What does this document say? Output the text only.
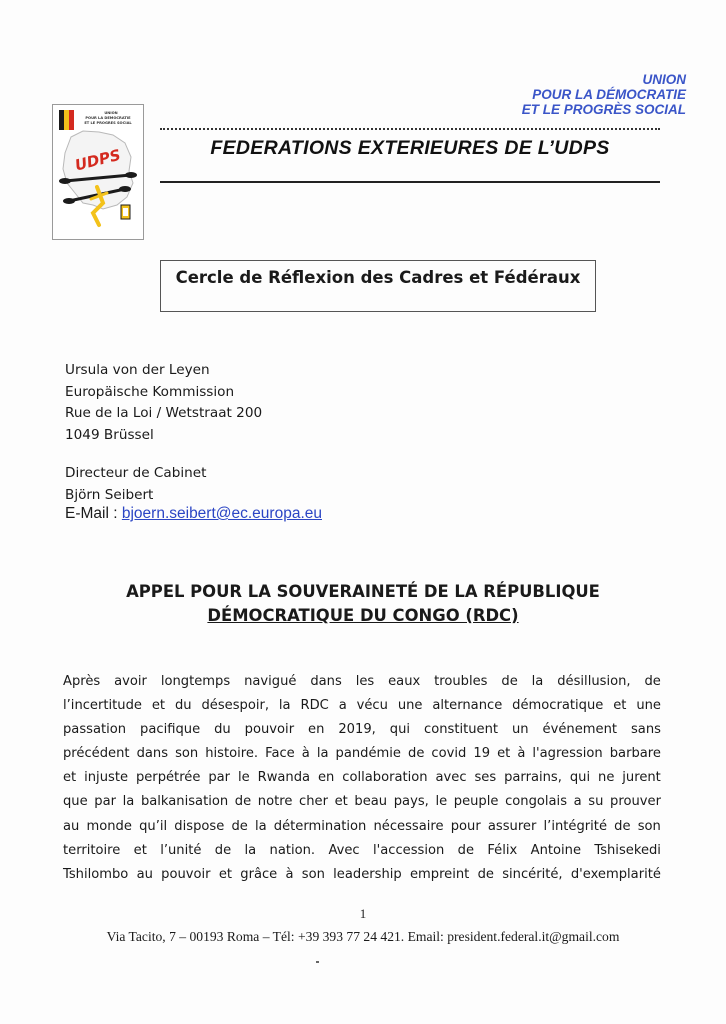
UNION
POUR LA DEMOCRATIE
ET LE PROGRES SOCIAL
UDPS
UNION
POUR LA DÉMOCRATIE
ET LE PROGRÈS SOCIAL
FEDERATIONS EXTERIEURES DE L’UDPS
Cercle de Réflexion des Cadres et Fédéraux
Ursula von der Leyen
Europäische Kommission
Rue de la Loi / Wetstraat 200
1049 Brüssel
Directeur de Cabinet
Björn Seibert
E-Mail : bjoern.seibert@ec.europa.eu
APPEL POUR LA SOUVERAINETÉ DE LA RÉPUBLIQUE
DÉMOCRATIQUE DU CONGO (RDC)
Après avoir longtemps navigué dans les eaux troubles de la désillusion, de
l’incertitude et du désespoir, la RDC a vécu une alternance démocratique et une
passation pacifique du pouvoir en 2019, qui constituent un événement sans
précédent dans son histoire. Face à la pandémie de covid 19 et à l'agression barbare
et injuste perpétrée par le Rwanda en collaboration avec ses parrains, qui ne jurent
que par la balkanisation de notre cher et beau pays, le peuple congolais a su prouver
au monde qu’il dispose de la détermination nécessaire pour assurer l’intégrité de son
territoire et l’unité de la nation. Avec l'accession de Félix Antoine Tshisekedi
Tshilombo au pouvoir et grâce à son leadership empreint de sincérité, d'exemplarité
1
Via Tacito, 7 – 00193 Roma – Tél: +39 393 77 24 421. Email: president.federal.it@gmail.com
